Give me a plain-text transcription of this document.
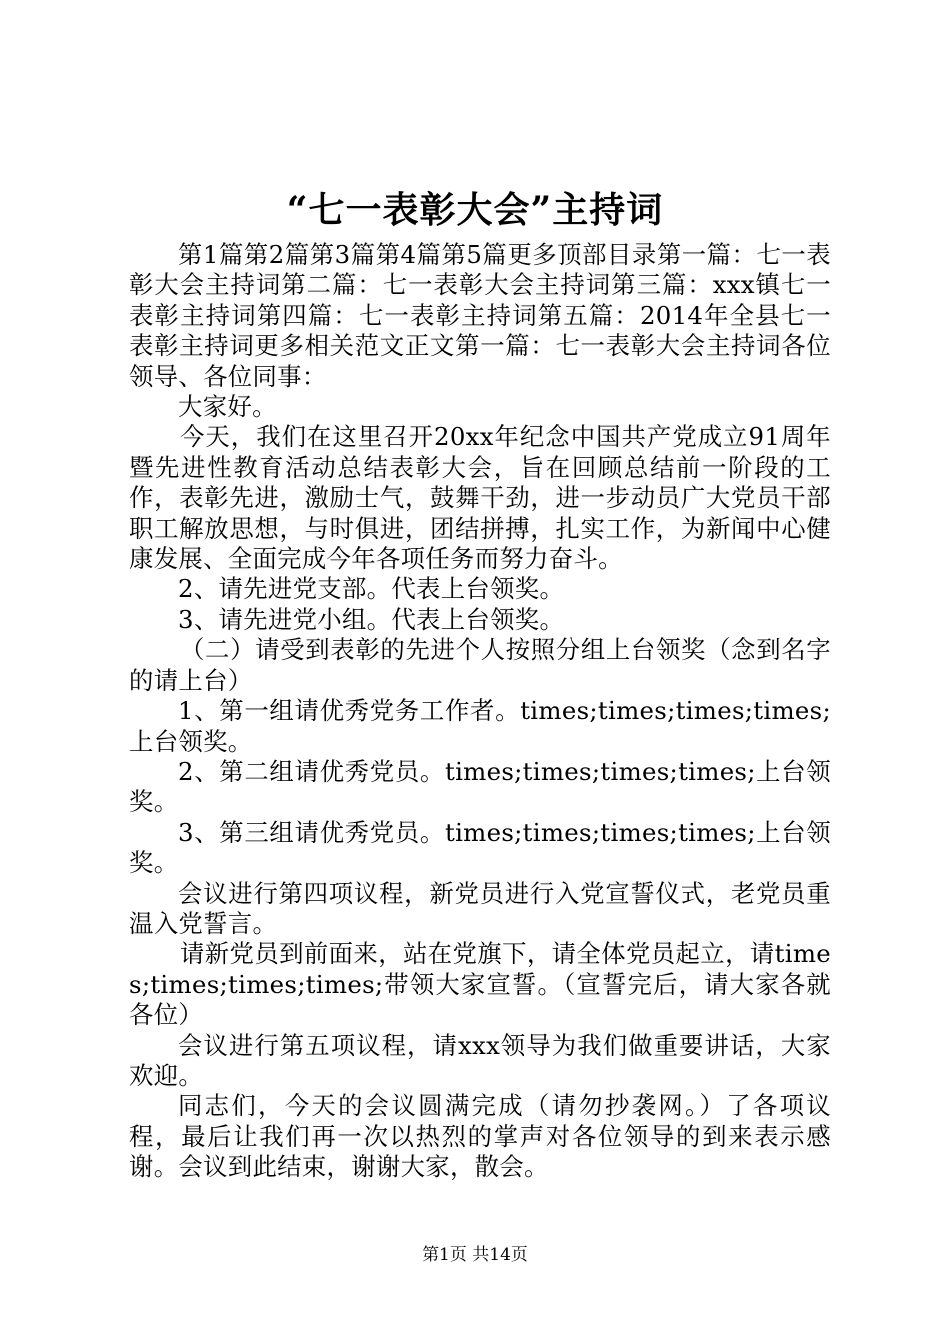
“七一表彰大会”主持词

第1篇第2篇第3篇第4篇第5篇更多顶部目录第一篇：七一表彰大会主持词第二篇：七一表彰大会主持词第三篇：xxx镇七一表彰主持词第四篇：七一表彰主持词第五篇：2014年全县七一表彰主持词更多相关范文正文第一篇：七一表彰大会主持词各位领导、各位同事：

大家好。

今天，我们在这里召开20xx年纪念中国共产党成立91周年暨先进性教育活动总结表彰大会，旨在回顾总结前一阶段的工作，表彰先进，激励士气，鼓舞干劲，进一步动员广大党员干部职工解放思想，与时俱进，团结拼搏，扎实工作，为新闻中心健康发展、全面完成今年各项任务而努力奋斗。

2、请先进党支部。代表上台领奖。

3、请先进党小组。代表上台领奖。

（二）请受到表彰的先进个人按照分组上台领奖（念到名字的请上台）

1、第一组请优秀党务工作者。times;times;times;times;上台领奖。

2、第二组请优秀党员。times;times;times;times;上台领奖。

3、第三组请优秀党员。times;times;times;times;上台领奖。

会议进行第四项议程，新党员进行入党宣誓仪式，老党员重温入党誓言。

请新党员到前面来，站在党旗下，请全体党员起立，请times;times;times;times;带领大家宣誓。（宣誓完后，请大家各就各位）

会议进行第五项议程，请xxx领导为我们做重要讲话，大家欢迎。

同志们，今天的会议圆满完成（请勿抄袭网。）了各项议程，最后让我们再一次以热烈的掌声对各位领导的到来表示感谢。会议到此结束，谢谢大家，散会。

第1页 共14页
